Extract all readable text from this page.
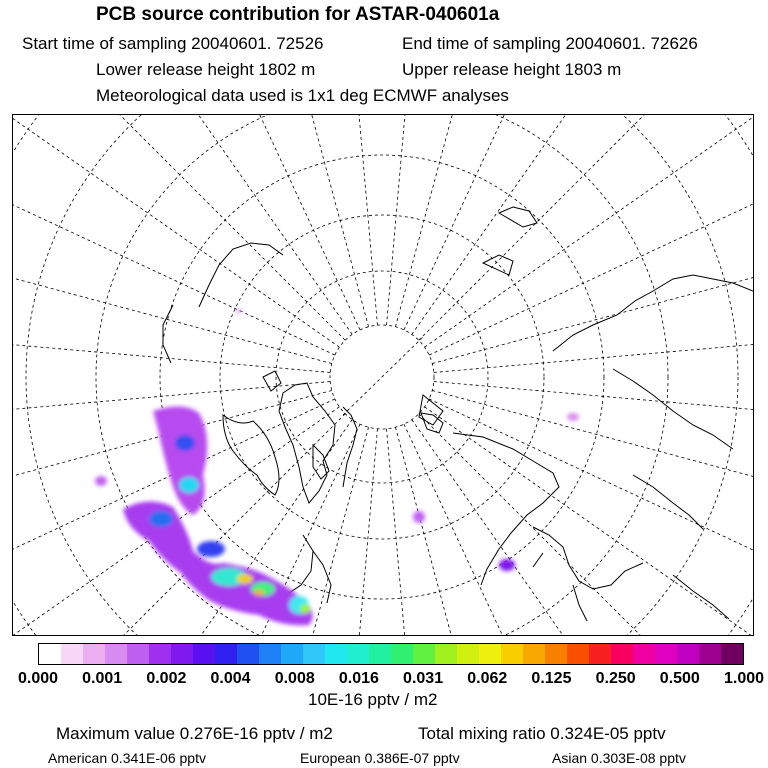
PCB source contribution for ASTAR-040601a
Start time of sampling 20040601. 72526	End time of sampling 20040601. 72626
Lower release height 1802 m	Upper release height 1803 m
Meteorological data used is 1x1 deg ECMWF analyses
0.000 0.001 0.002 0.004 0.008 0.016 0.031 0.062 0.125 0.250 0.500 1.000
10E-16 pptv / m2
Maximum value 0.276E-16 pptv / m2	Total mixing ratio 0.324E-05 pptv
American 0.341E-06 pptv	European 0.386E-07 pptv	Asian 0.303E-08 pptv
